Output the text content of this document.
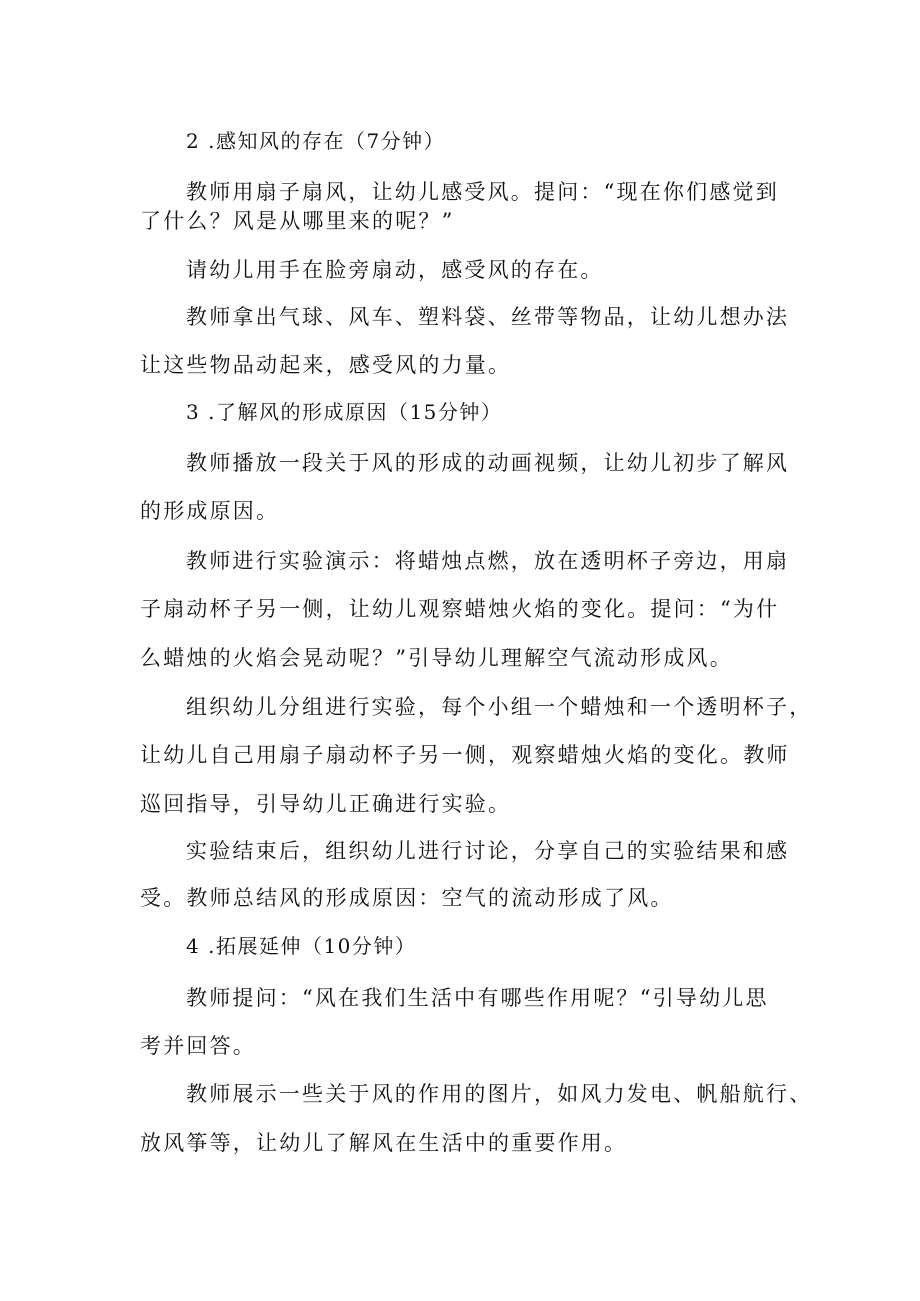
2 .感知风的存在（7分钟）
教师用扇子扇风，让幼儿感受风。提问：“现在你们感觉到
了什么？风是从哪里来的呢？”
请幼儿用手在脸旁扇动，感受风的存在。
教师拿出气球、风车、塑料袋、丝带等物品，让幼儿想办法
让这些物品动起来，感受风的力量。
3 .了解风的形成原因（15分钟）
教师播放一段关于风的形成的动画视频，让幼儿初步了解风
的形成原因。
教师进行实验演示：将蜡烛点燃，放在透明杯子旁边，用扇
子扇动杯子另一侧，让幼儿观察蜡烛火焰的变化。提问：“为什
么蜡烛的火焰会晃动呢？”引导幼儿理解空气流动形成风。
组织幼儿分组进行实验，每个小组一个蜡烛和一个透明杯子，
让幼儿自己用扇子扇动杯子另一侧，观察蜡烛火焰的变化。教师
巡回指导，引导幼儿正确进行实验。
实验结束后，组织幼儿进行讨论，分享自己的实验结果和感
受。教师总结风的形成原因：空气的流动形成了风。
4 .拓展延伸（10分钟）
教师提问：“风在我们生活中有哪些作用呢？“引导幼儿思
考并回答。
教师展示一些关于风的作用的图片，如风力发电、帆船航行、
放风筝等，让幼儿了解风在生活中的重要作用。
